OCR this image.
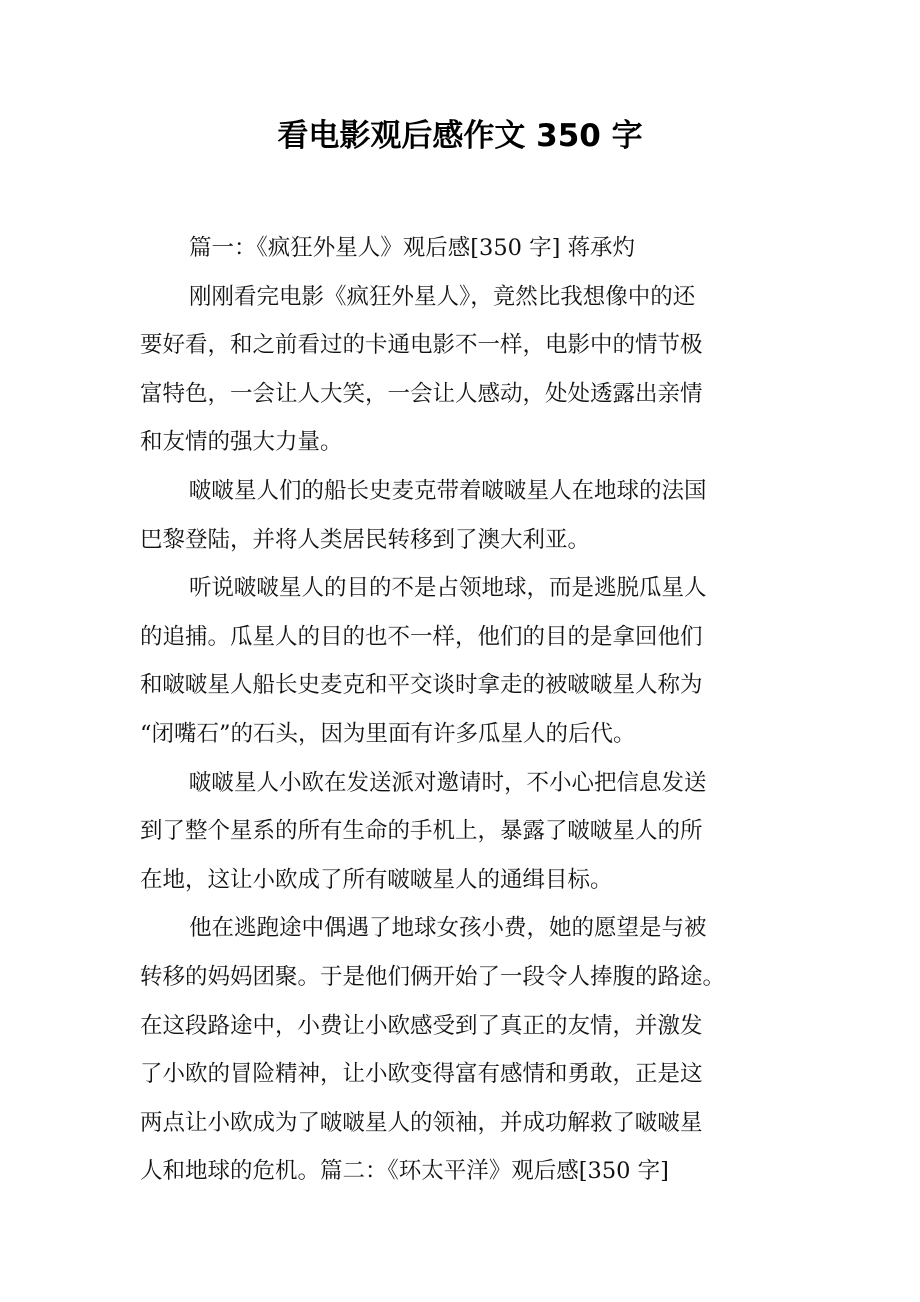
看电影观后感作文 350 字
篇一：《疯狂外星人》观后感[350 字] 蒋承灼
刚刚看完电影《疯狂外星人》，竟然比我想像中的还
要好看，和之前看过的卡通电影不一样，电影中的情节极
富特色，一会让人大笑，一会让人感动，处处透露出亲情
和友情的强大力量。
啵啵星人们的船长史麦克带着啵啵星人在地球的法国
巴黎登陆，并将人类居民转移到了澳大利亚。
听说啵啵星人的目的不是占领地球，而是逃脱瓜星人
的追捕。瓜星人的目的也不一样，他们的目的是拿回他们
和啵啵星人船长史麦克和平交谈时拿走的被啵啵星人称为
“闭嘴石”的石头，因为里面有许多瓜星人的后代。
啵啵星人小欧在发送派对邀请时，不小心把信息发送
到了整个星系的所有生命的手机上，暴露了啵啵星人的所
在地，这让小欧成了所有啵啵星人的通缉目标。
他在逃跑途中偶遇了地球女孩小费，她的愿望是与被
转移的妈妈团聚。于是他们俩开始了一段令人捧腹的路途。
在这段路途中，小费让小欧感受到了真正的友情，并激发
了小欧的冒险精神，让小欧变得富有感情和勇敢，正是这
两点让小欧成为了啵啵星人的领袖，并成功解救了啵啵星
人和地球的危机。篇二：《环太平洋》观后感[350 字]
